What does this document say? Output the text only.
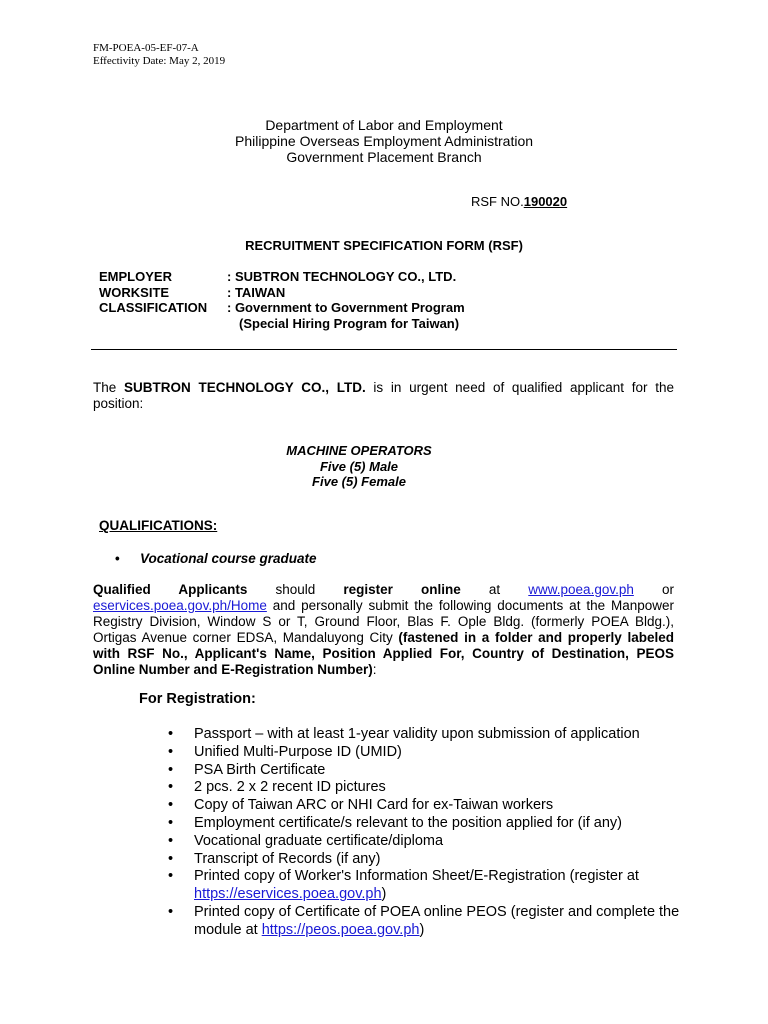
FM-POEA-05-EF-07-A
Effectivity Date: May 2, 2019
Department of Labor and Employment
Philippine Overseas Employment Administration
Government Placement Branch
RSF NO.190020
RECRUITMENT SPECIFICATION FORM (RSF)
EMPLOYER	: SUBTRON TECHNOLOGY CO., LTD.
WORKSITE	: TAIWAN
CLASSIFICATION	: Government to Government Program
(Special Hiring Program for Taiwan)
The SUBTRON TECHNOLOGY CO., LTD. is in urgent need of qualified applicant for the position:
MACHINE OPERATORS
Five (5) Male
Five (5) Female
QUALIFICATIONS:
• Vocational course graduate
Qualified Applicants should register online at www.poea.gov.ph or eservices.poea.gov.ph/Home and personally submit the following documents at the Manpower Registry Division, Window S or T, Ground Floor, Blas F. Ople Bldg. (formerly POEA Bldg.), Ortigas Avenue corner EDSA, Mandaluyong City (fastened in a folder and properly labeled with RSF No., Applicant's Name, Position Applied For, Country of Destination, PEOS Online Number and E-Registration Number):
For Registration:
• Passport – with at least 1-year validity upon submission of application
• Unified Multi-Purpose ID (UMID)
• PSA Birth Certificate
• 2 pcs. 2 x 2 recent ID pictures
• Copy of Taiwan ARC or NHI Card for ex-Taiwan workers
• Employment certificate/s relevant to the position applied for (if any)
• Vocational graduate certificate/diploma
• Transcript of Records (if any)
• Printed copy of Worker's Information Sheet/E-Registration (register at https://eservices.poea.gov.ph)
• Printed copy of Certificate of POEA online PEOS (register and complete the module at https://peos.poea.gov.ph)
